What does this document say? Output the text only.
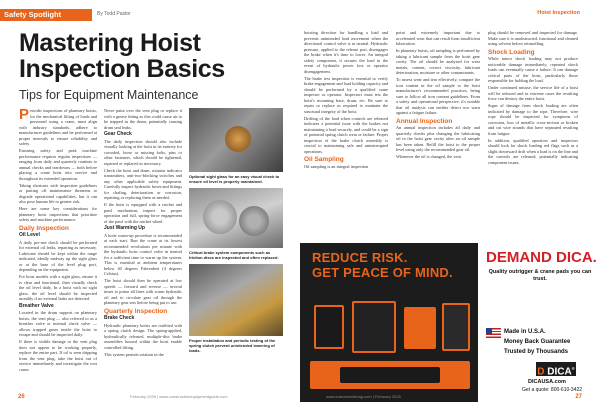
Safety Spotlight	By Todd Pastor
Mastering Hoist
Inspection Basics
Tips for Equipment Maintenance

Periodic inspections of planetary hoists, for the mechanical lifting of loads and personnel using a crane, must align with industry standards, adhere to manufacturer guidelines and be performed at proper intervals to ensure reliability and safety.

Ensuring safety and peak machine performance requires regular inspections — ranging from daily and quarterly routines to annual checks and teardowns — both before placing a crane hoist into service and throughout its extended operation.

Taking shortcuts with inspection guidelines or putting off maintenance threatens to degrade operational capabilities, but it can also pose human life to greater risk.

Here are some key considerations for planetary hoist inspections that prioritize safety and machine performance:

Daily Inspection
Oil Level

A daily pre-use check should be performed for external oil leaks, repairing as necessary. Lubricant should be kept within the range indicated, ideally midway up the sight glass or at the base of the level plug port, depending on the equipment.

For hoist models with a sight glass, ensure it is clear and functional, then visually check the oil level daily. In a hoist with no sight glass, the oil level should be inspected monthly if no external leaks are detected.

Breather Valve

Located in the drum support on planetary hoists, the vent plug — also referred to as a breather valve or internal check valve — allows trapped gases inside the hoist to escape and should be inspected daily.

If there is visible damage or the vent plug does not appear to be working properly, replace the entire part. If oil is seen dripping from the vent plug, take the hoist out of service immediately and investigate the root cause.

Never paint over the vent plug or replace it with a grease fitting as this could cause air to be trapped in the drum, potentially causing drum seal leaks.

Gear Check

The daily inspection should also include visually looking at the hoist in its entirety for corroded, loose or missing bolts, pins or other fasteners, which should be tightened, repaired or replaced as necessary.

Check the hoist and drum, rotation indicator transmitters, anti-two-blocking switches and any other applicable safety equipment. Carefully inspect hydraulic hoses and fittings for chafing, deterioration or corrosion, repairing or replacing them as needed.

If the hoist is equipped with a ratchet and pawl mechanism, inspect for proper operation and full, spring-force engagement of the pawl with the ratchet wheel.

Just Warming Up

A hoist warm-up procedure is recommended at each start. Run the crane at its lowest recommended revolutions per minute with the hydraulic hoist control valve in neutral for a sufficient time to warm up the system. This is essential at ambient temperatures below 40 degrees Fahrenheit (4 degrees Celsius).

The hoist should then be operated at low speeds — forward and reverse — several times to prime all lines with warm hydraulic oil and to circulate gear oil through the planetary gear sets before being put to use.

Quarterly Inspection
Brake Check

Hydraulic planetary hoists are outfitted with a spring clutch design. The spring-applied, hydraulically released, multiple-disc brake assemblies housed within the hoist enable controlled lifting.

This system permits rotation in the

Optional sight glass for an easy visual check to ensure oil level is properly maintained.
Critical brake system components such as friction discs are inspected and often replaced.
Proper installation and periodic testing of the spring clutch prevent unintended lowering of loads.
26	February 2025 | www.constructionequipmentguide.com
Hoist Inspection

hoisting direction for handling a load and prevents unintended load movement when the directional control valve is in neutral. Hydraulic pressure, applied to the release port, disengages the brake when it's time to lower. An integral safety component, it secures the load in the event of hydraulic power loss or operator disengagement.

The brake test inspection is essential to verify brake engagement and load holding capacity and should be performed by a qualified crane inspector or operator. Inspectors must test the hoist's mounting base, drum, etc. Be sure to repair or replace as required to maintain the structural integrity of the hoist.

Drifting of the load when controls are released indicates a potential issue with the brakes not maintaining a load securely, and could be a sign of potential spring clutch wear or failure. Proper inspection of the brake clutch assembly is crucial to maintaining safe and uninterrupted operations.

Oil Sampling

Oil sampling is an integral inspection

point and extremely important due to accelerated wear that can result from insufficient lubrication.

In planetary hoists, oil sampling is performed by taking a lubricant sample from the hoist gear cavity. The oil should be analyzed for wear metals, content, correct viscosity, lubricant deterioration, moisture or other contaminants.

To assess wear and tear effectively, compare the iron content in the oil sample to the hoist manufacturer's recommended practices, being sure to follow all iron content guidelines. From a safety and operational perspective, it's notable that oil analysis can neither detect nor warn against a fatigue failure.

Annual Inspection

An annual inspection includes all daily and quarterly checks plus changing the lubricating oil in the hoist gear cavity after an oil sample has been taken. Refill the hoist to the proper level using only the recommended gear oil.

Whenever the oil is changed, the vent

plug should be removed and inspected for damage. Make sure it is unobstructed, functional and cleaned using solvent before reinstalling.

Shock Loading

While minor shock loading may not produce noticeable damage immediately, repeated shock loads can eventually cause a failure. It can damage critical parts of the hoist, particularly those responsible for holding the load.

Under continued misuse, the service life of a hoist will be reduced and in extreme cases the resulting force can destroy the entire hoist.

Signs of damage from shock loading are often indicated by damage to the rope. Therefore, wire rope should be inspected for symptoms of corrosion, loss of metallic cross-section or broken and cut wire strands that have separated resulting from fatigue.

In addition, qualified operators and inspectors should look for shock loading red flags such as a slight downward drift when a load is on the line and the controls are released, potentially indicating component issues.

REDUCE RISK.
GET PEACE OF MIND.
DEMAND DICA.
Quality outrigger & crane pads you can trust.
Made in U.S.A.
Money Back Guarantee
Trusted by Thousands
D DICA®
DICAUSA.com
Get a quote: 800-610-3422
www.craneworldmag.com | February 2025	27
